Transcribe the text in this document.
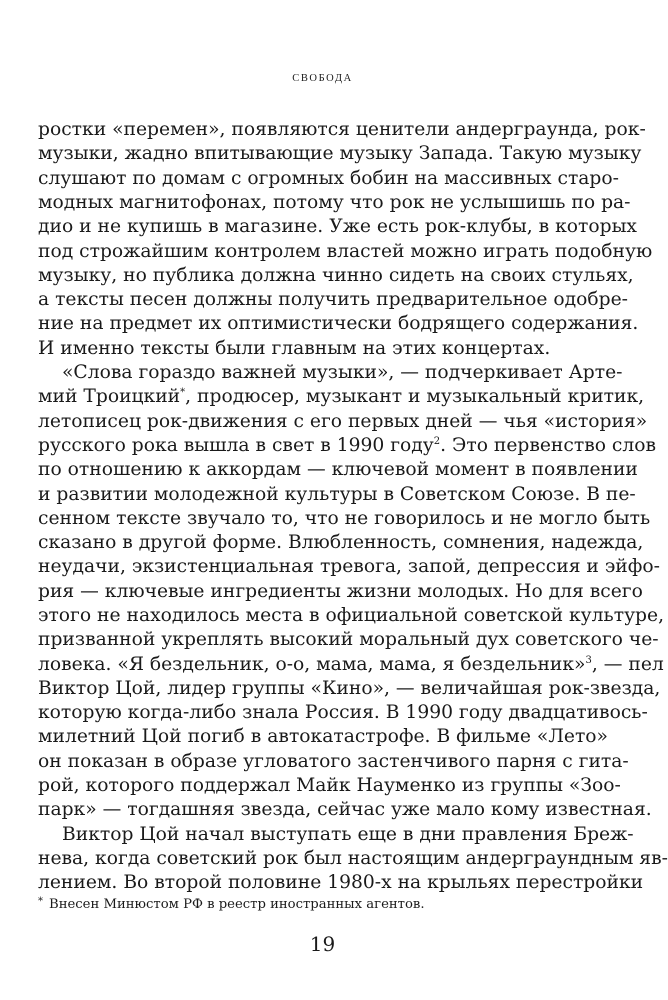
СВОБОДА
ростки «перемен», появляются ценители андерграунда, рок-
музыки, жадно впитывающие музыку Запада. Такую музыку
слушают по домам с огромных бобин на массивных старо-
модных магнитофонах, потому что рок не услышишь по ра-
дио и не купишь в магазине. Уже есть рок-клубы, в которых
под строжайшим контролем властей можно играть подобную
музыку, но публика должна чинно сидеть на своих стульях,
а тексты песен должны получить предварительное одобре-
ние на предмет их оптимистически бодрящего содержания.
И именно тексты были главным на этих концертах.
«Слова гораздо важней музыки», — подчеркивает Арте-
мий Троицкий*, продюсер, музыкант и музыкальный критик,
летописец рок-движения с его первых дней — чья «история»
русского рока вышла в свет в 1990 году$^2$. Это первенство слов
по отношению к аккордам — ключевой момент в появлении
и развитии молодежной культуры в Советском Союзе. В пе-
сенном тексте звучало то, что не говорилось и не могло быть
сказано в другой форме. Влюбленность, сомнения, надежда,
неудачи, экзистенциальная тревога, запой, депрессия и эйфо-
рия — ключевые ингредиенты жизни молодых. Но для всего
этого не находилось места в официальной советской культуре,
призванной укреплять высокий моральный дух советского че-
ловека. «Я бездельник, о-о, мама, мама, я бездельник»$^3$, — пел
Виктор Цой, лидер группы «Кино», — величайшая рок-звезда,
которую когда-либо знала Россия. В 1990 году двадцативось-
милетний Цой погиб в автокатастрофе. В фильме «Лето»
он показан в образе угловатого застенчивого парня с гита-
рой, которого поддержал Майк Науменко из группы «Зоо-
парк» — тогдашняя звезда, сейчас уже мало кому известная.
Виктор Цой начал выступать еще в дни правления Бреж-
нева, когда советский рок был настоящим андерграундным яв-
лением. Во второй половине 1980-х на крыльях перестройки
* Внесен Минюстом РФ в реестр иностранных агентов.
19
